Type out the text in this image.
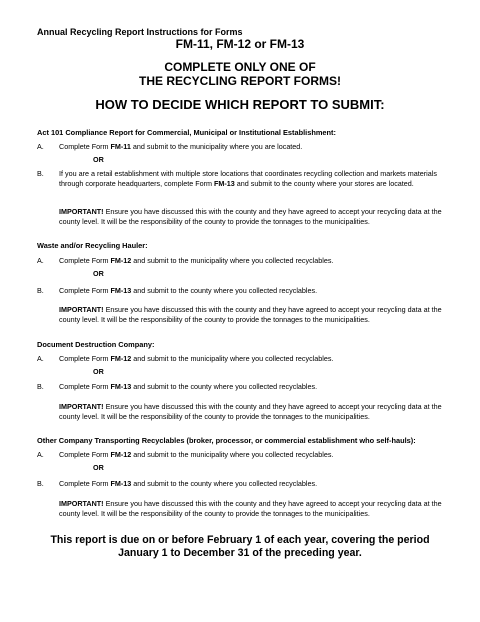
Annual Recycling Report Instructions for Forms
FM-11, FM-12 or FM-13
COMPLETE ONLY ONE OF
THE RECYCLING REPORT FORMS!
HOW TO DECIDE WHICH REPORT TO SUBMIT:
Act 101 Compliance Report for Commercial, Municipal or Institutional Establishment:
A. Complete Form FM-11 and submit to the municipality where you are located.
OR
B. If you are a retail establishment with multiple store locations that coordinates recycling collection and markets materials through corporate headquarters, complete Form FM-13 and submit to the county where your stores are located.
IMPORTANT! Ensure you have discussed this with the county and they have agreed to accept your recycling data at the county level. It will be the responsibility of the county to provide the tonnages to the municipalities.
Waste and/or Recycling Hauler:
A. Complete Form FM-12 and submit to the municipality where you collected recyclables.
OR
B. Complete Form FM-13 and submit to the county where you collected recyclables.
IMPORTANT! Ensure you have discussed this with the county and they have agreed to accept your recycling data at the county level. It will be the responsibility of the county to provide the tonnages to the municipalities.
Document Destruction Company:
A. Complete Form FM-12 and submit to the municipality where you collected recyclables.
OR
B. Complete Form FM-13 and submit to the county where you collected recyclables.
IMPORTANT! Ensure you have discussed this with the county and they have agreed to accept your recycling data at the county level. It will be the responsibility of the county to provide the tonnages to the municipalities.
Other Company Transporting Recyclables (broker, processor, or commercial establishment who self-hauls):
A. Complete Form FM-12 and submit to the municipality where you collected recyclables.
OR
B. Complete Form FM-13 and submit to the county where you collected recyclables.
IMPORTANT! Ensure you have discussed this with the county and they have agreed to accept your recycling data at the county level. It will be the responsibility of the county to provide the tonnages to the municipalities.
This report is due on or before February 1 of each year, covering the period
January 1 to December 31 of the preceding year.
